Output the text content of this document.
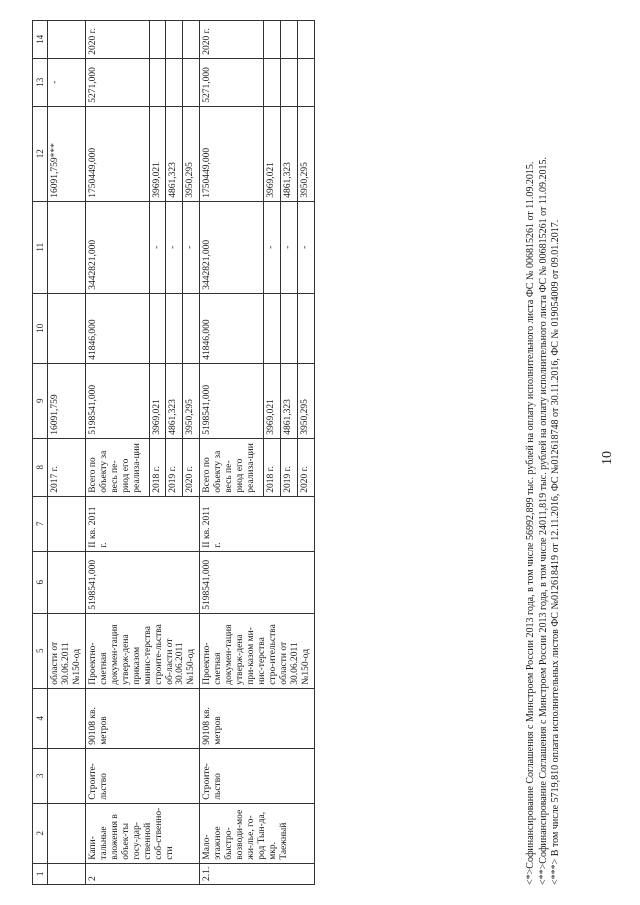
10
1	2	3	4	5	6	7	8	9	10	11	12	13	14
				области от 30.06.2011 №150-од			2017 г.	16091,759			16091,759***	-	
2	Капи-тальные вложения в объек-ты госу-дар-ственной соб-ственно-сти	Строите-льство	90108 кв. метров	Проектно-сметная докумен-тация утверж-дена приказом минис-терства строите-льства об-ласти от 30.06.2011 №150-од	5198541,000	II кв. 2011 г.	Всего по объекту за весь пе-риод его реализа-ции	5198541,000	41846,000	3442821,000	1750449,000	5271,000	2020 г.
							2018 г.	3969,021		-	3969,021		
							2019 г.	4861,323		-	4861,323		
							2020 г.	3950,295		-	3950,295		
2.1.	Мало-этажное быстро-возводи-мое жи-лье, го-род Тын-да, мкр. Таежный	Строите-льство	90108 кв. метров	Проектно-сметная докумен-тация утверж-дена при-казом ми-нис-терства стро-ительства области от 30.06.2011 №150-од	5198541,000	II кв. 2011 г.	Всего по объекту за весь пе-риод его реализа-ции	5198541,000	41846,000	3442821,000	1750449,000	5271,000	2020 г.
							2018 г.	3969,021		-	3969,021		
							2019 г.	4861,323		-	4861,323		
							2020 г.	3950,295		-	3950,295			<*>Софинансирование Соглашения с Минстроем России 2013 года, в том числе 56992,899 тыс. рублей на оплату исполнительного листа ФС № 006815261 от 11.09.2015. <**>Софинансирование Соглашения с Минстроем России 2013 года, в том числе 24011,819 тыс. рублей на оплату исполнительного листа ФС № 006815261 от 11.09.2015. <***> В том числе 5719,810 оплата исполнительных листов ФС №012618419 от 12.11.2016, ФС №012618748 от 30.11.2016, ФС № 019054009 от 09.01.2017.
